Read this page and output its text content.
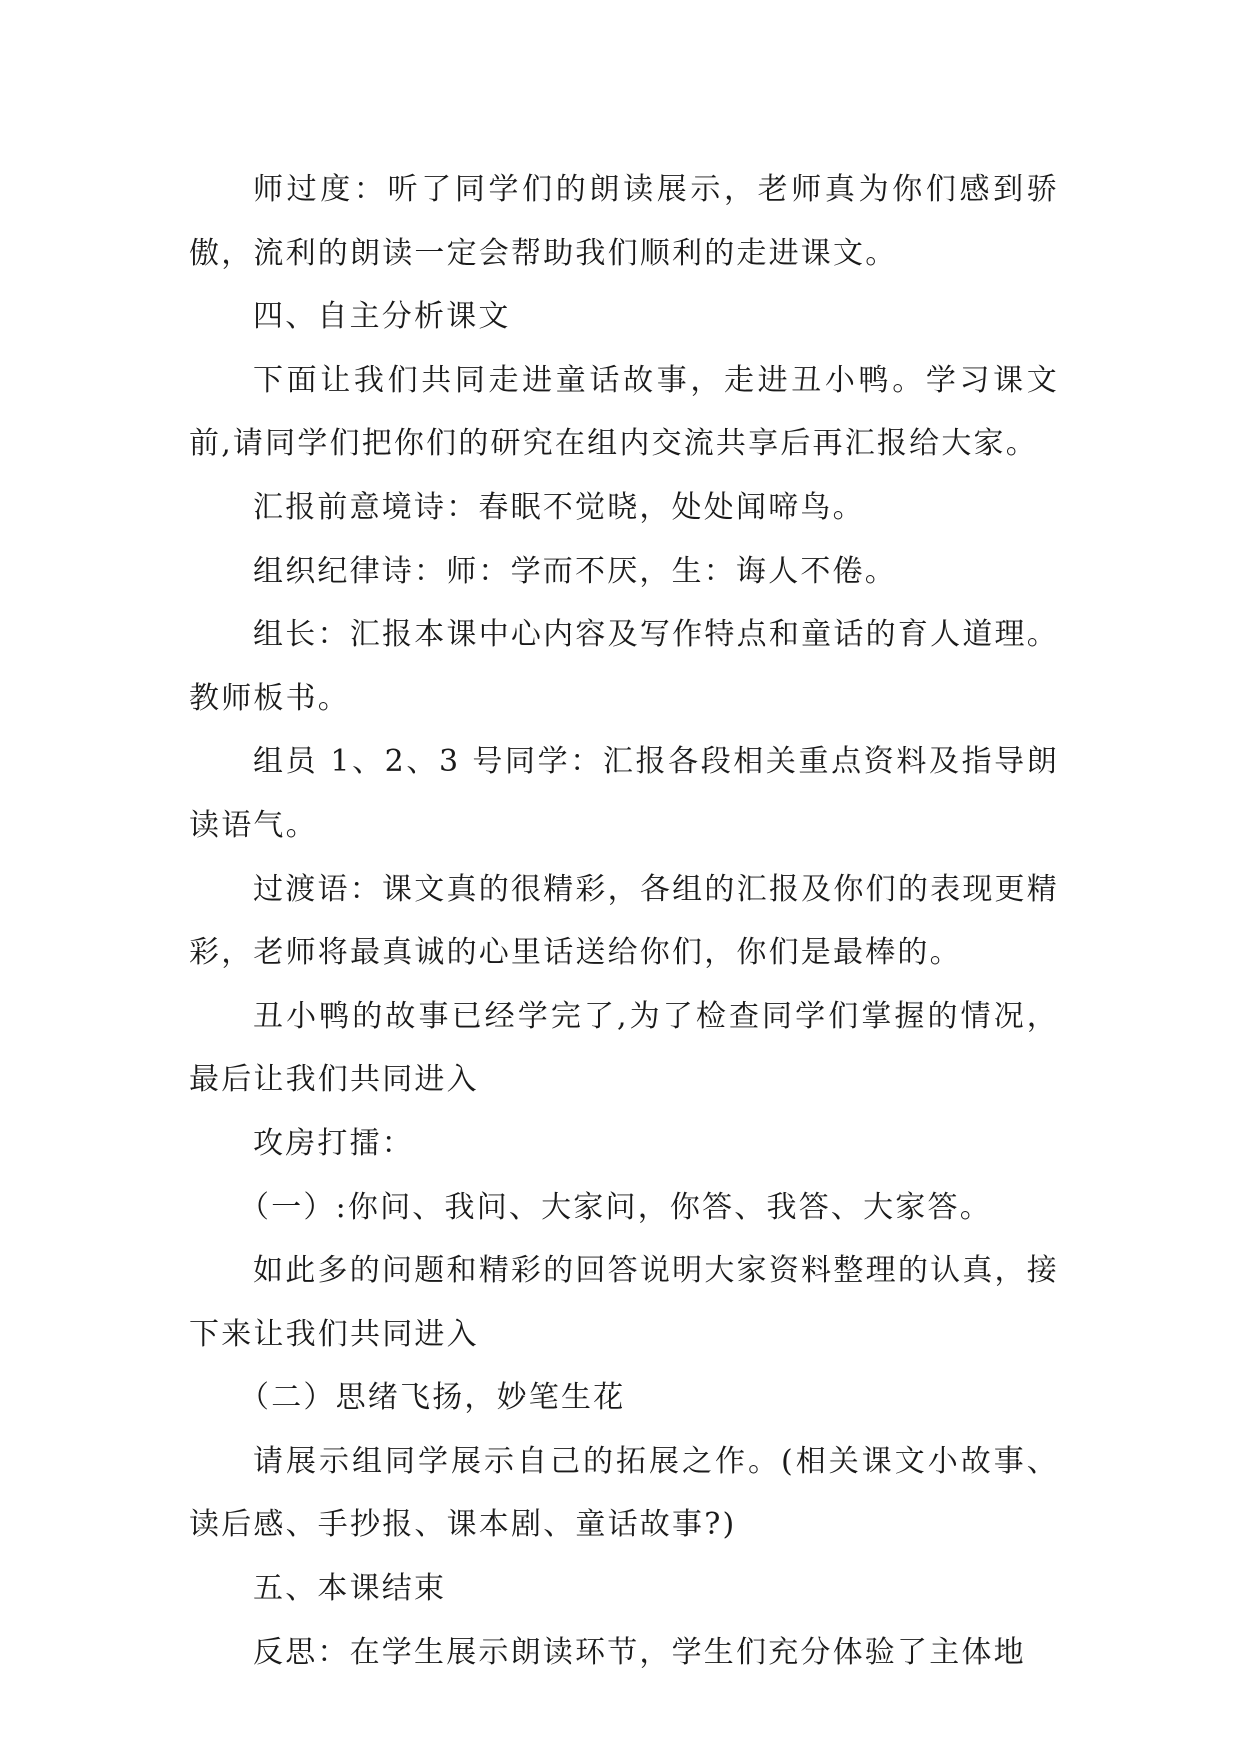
师过度：听了同学们的朗读展示，老师真为你们感到骄傲，流利的朗读一定会帮助我们顺利的走进课文。

四、自主分析课文

下面让我们共同走进童话故事，走进丑小鸭。学习课文前,请同学们把你们的研究在组内交流共享后再汇报给大家。

汇报前意境诗：春眠不觉晓，处处闻啼鸟。

组织纪律诗：师：学而不厌，生：诲人不倦。

组长：汇报本课中心内容及写作特点和童话的育人道理。教师板书。

组员 1、2、3 号同学：汇报各段相关重点资料及指导朗读语气。

过渡语：课文真的很精彩，各组的汇报及你们的表现更精彩，老师将最真诚的心里话送给你们，你们是最棒的。

丑小鸭的故事已经学完了,为了检查同学们掌握的情况，最后让我们共同进入

攻房打擂：

（一）:你问、我问、大家问，你答、我答、大家答。

如此多的问题和精彩的回答说明大家资料整理的认真，接下来让我们共同进入

（二）思绪飞扬，妙笔生花

请展示组同学展示自己的拓展之作。(相关课文小故事、读后感、手抄报、课本剧、童话故事?)

五、本课结束

反思：在学生展示朗读环节，学生们充分体验了主体地
